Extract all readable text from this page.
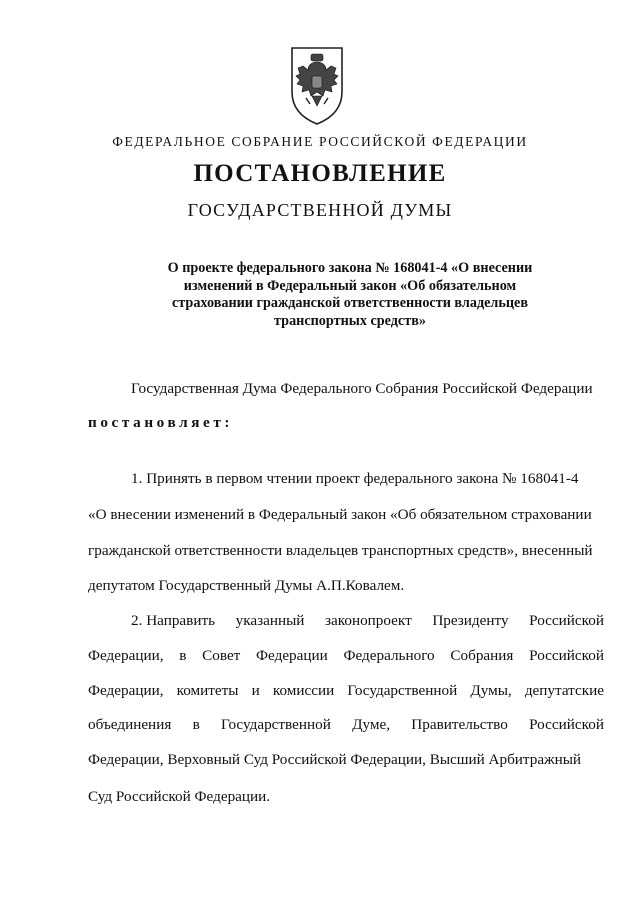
ФЕДЕРАЛЬНОЕ СОБРАНИЕ РОССИЙСКОЙ ФЕДЕРАЦИИ
ПОСТАНОВЛЕНИЕ
ГОСУДАРСТВЕННОЙ ДУМЫ
О проекте федерального закона № 168041-4 «О внесении
изменений в Федеральный закон «Об обязательном
страховании гражданской ответственности владельцев
транспортных средств»
Государственная Дума Федерального Собрания Российской Федерации
постановляет:
1. Принять в первом чтении проект федерального закона № 168041-4
«О внесении изменений в Федеральный закон «Об обязательном страховании
гражданской ответственности владельцев транспортных средств», внесенный
депутатом Государственный Думы А.П.Ковалем.
2. Направить указанный законопроект Президенту Российской
Федерации, в Совет Федерации Федерального Собрания Российской
Федерации, комитеты и комиссии Государственной Думы, депутатские
объединения в Государственной Думе, Правительство Российской
Федерации, Верховный Суд Российской Федерации, Высший Арбитражный
Суд Российской Федерации.
